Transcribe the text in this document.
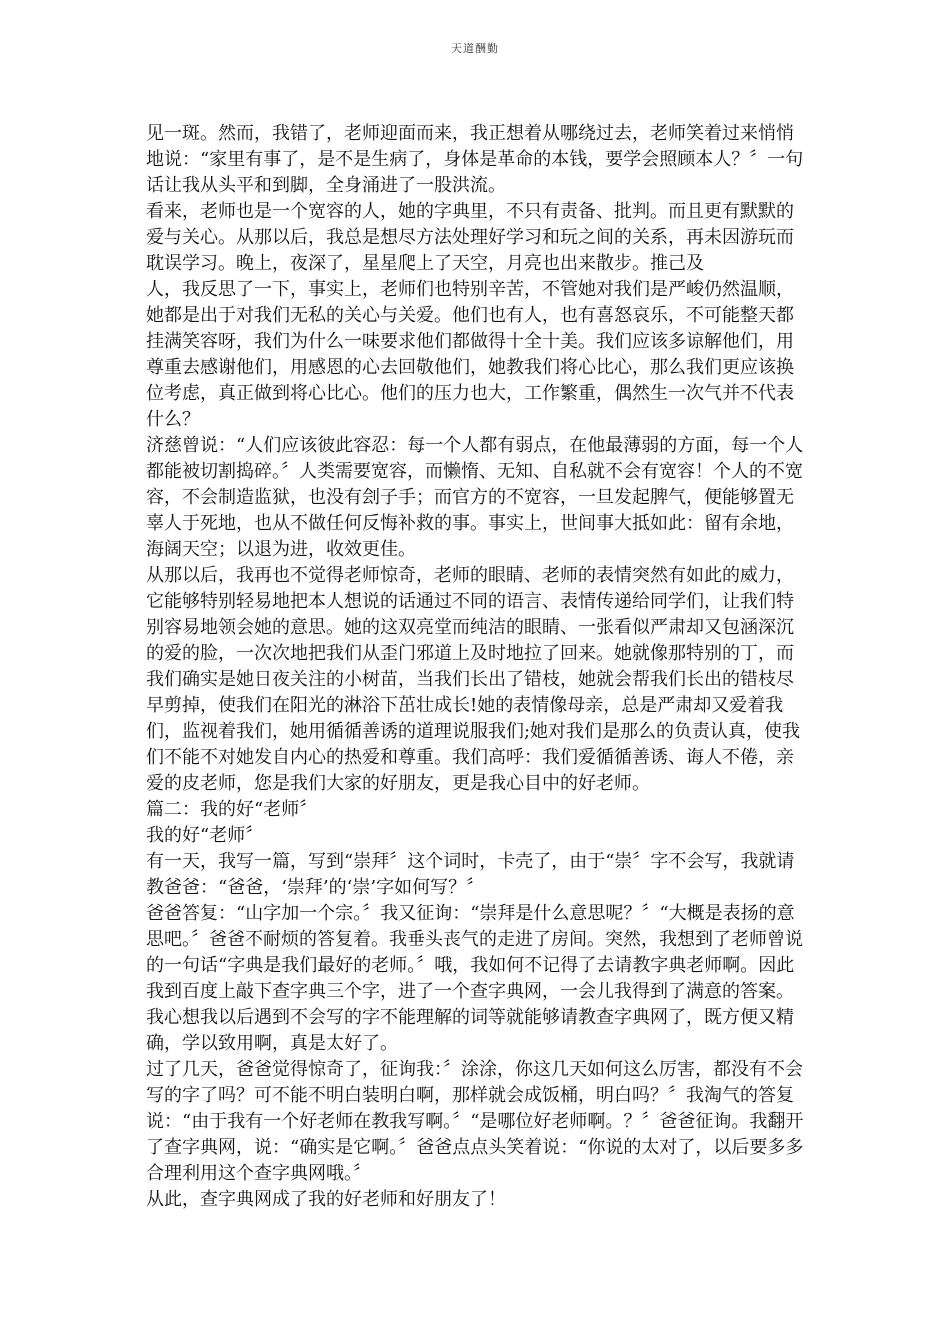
天道酬勤

见一斑。然而，我错了，老师迎面而来，我正想着从哪绕过去，老师笑着过来悄悄地说：“家里有事了，是不是生病了，身体是革命的本钱，要学会照顾本人？〞一句话让我从头平和到脚，全身涌进了一股洪流。

看来，老师也是一个宽容的人，她的字典里，不只有责备、批判。而且更有默默的爱与关心。从那以后，我总是想尽方法处理好学习和玩之间的关系，再未因游玩而耽误学习。晚上，夜深了，星星爬上了天空，月亮也出来散步。推己及

人，我反思了一下，事实上，老师们也特别辛苦，不管她对我们是严峻仍然温顺，她都是出于对我们无私的关心与关爱。他们也有人，也有喜怒哀乐，不可能整天都挂满笑容呀，我们为什么一味要求他们都做得十全十美。我们应该多谅解他们，用尊重去感谢他们，用感恩的心去回敬他们，她教我们将心比心，那么我们更应该换位考虑，真正做到将心比心。他们的压力也大，工作繁重，偶然生一次气并不代表什么？

济慈曾说：“人们应该彼此容忍：每一个人都有弱点，在他最薄弱的方面，每一个人都能被切割捣碎。〞人类需要宽容，而懒惰、无知、自私就不会有宽容！个人的不宽容，不会制造监狱，也没有刽子手；而官方的不宽容，一旦发起脾气，便能够置无辜人于死地，也从不做任何反悔补救的事。事实上，世间事大抵如此：留有余地，海阔天空；以退为进，收效更佳。

从那以后，我再也不觉得老师惊奇，老师的眼睛、老师的表情突然有如此的威力，它能够特别轻易地把本人想说的话通过不同的语言、表情传递给同学们，让我们特别容易地领会她的意思。她的这双亮堂而纯洁的眼睛、一张看似严肃却又包涵深沉的爱的脸，一次次地把我们从歪门邪道上及时地拉了回来。她就像那特别的丁，而我们确实是她日夜关注的小树苗，当我们长出了错枝，她就会帮我们长出的错枝尽早剪掉，使我们在阳光的淋浴下茁壮成长!她的表情像母亲，总是严肃却又爱着我们，监视着我们，她用循循善诱的道理说服我们;她对我们是那么的负责认真，使我们不能不对她发自内心的热爱和尊重。我们高呼：我们爱循循善诱、诲人不倦，亲爱的皮老师，您是我们大家的好朋友，更是我心目中的好老师。

篇二：我的好“老师〞

我的好“老师〞

有一天，我写一篇，写到“崇拜〞这个词时，卡壳了，由于“崇〞字不会写，我就请教爸爸：“爸爸，‘崇拜’的‘崇’字如何写？〞

爸爸答复：“山字加一个宗。〞我又征询：“崇拜是什么意思呢？〞“大概是表扬的意思吧。〞爸爸不耐烦的答复着。我垂头丧气的走进了房间。突然，我想到了老师曾说的一句话“字典是我们最好的老师。〞哦，我如何不记得了去请教字典老师啊。因此我到百度上敲下查字典三个字，进了一个查字典网，一会儿我得到了满意的答案。我心想我以后遇到不会写的字不能理解的词等就能够请教查字典网了，既方便又精确，学以致用啊，真是太好了。

过了几天，爸爸觉得惊奇了，征询我：〞涂涂，你这几天如何这么厉害，都没有不会写的字了吗？可不能不明白装明白啊，那样就会成饭桶，明白吗？〞我淘气的答复说：“由于我有一个好老师在教我写啊。〞“是哪位好老师啊。？〞爸爸征询。我翻开了查字典网，说：“确实是它啊。〞爸爸点点头笑着说：“你说的太对了，以后要多多合理利用这个查字典网哦。〞

从此，查字典网成了我的好老师和好朋友了！
